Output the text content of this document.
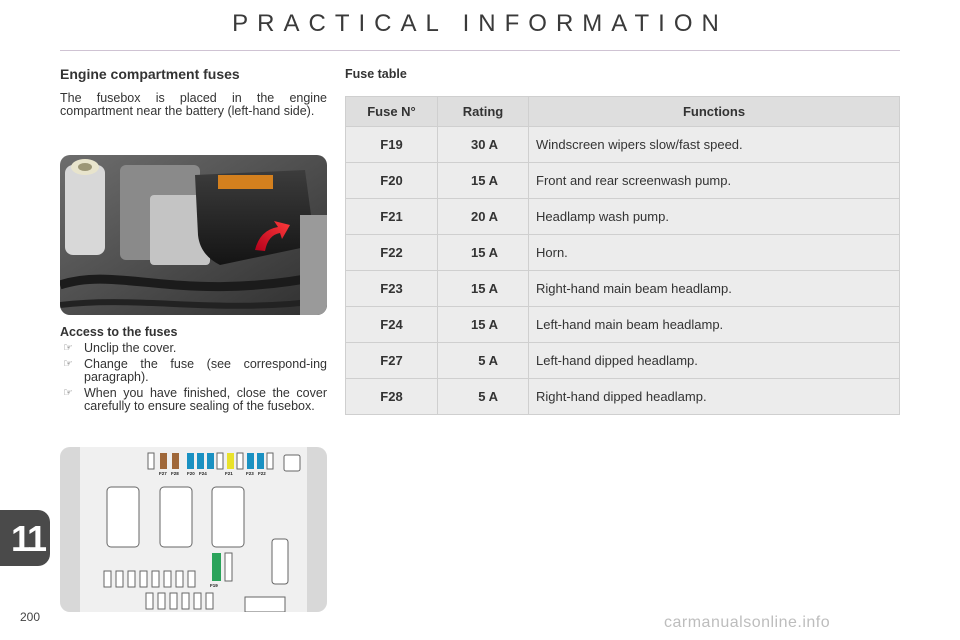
PRACTICAL INFORMATION
Engine compartment fuses
The fusebox is placed in the engine compartment near the battery (left-hand side).
Access to the fuses
☞ Unclip the cover.
☞ Change the fuse (see correspond-ing paragraph).
☞ When you have finished, close the cover carefully to ensure sealing of the fusebox.
F27 F28 F20 F24	F21	F23 F22
F19
11
200
Fuse table
Fuse N°	Rating	Functions
F19	30 A	Windscreen wipers slow/fast speed.
F20	15 A	Front and rear screenwash pump.
F21	20 A	Headlamp wash pump.
F22	15 A	Horn.
F23	15 A	Right-hand main beam headlamp.
F24	15 A	Left-hand main beam headlamp.
F27	5 A	Left-hand dipped headlamp.
F28	5 A	Right-hand dipped headlamp.
carmanualsonline.info
